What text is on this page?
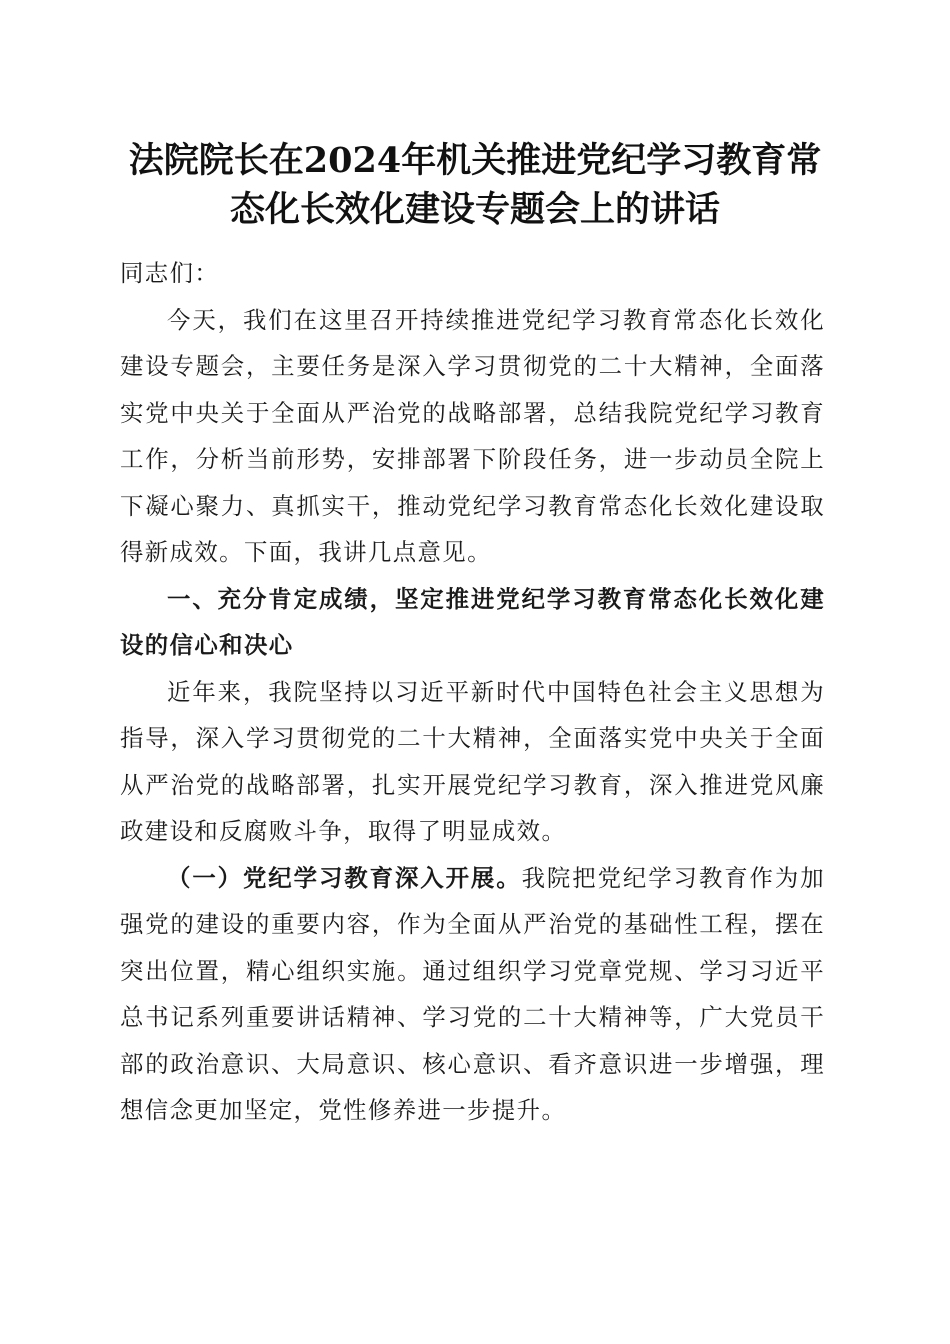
法院院长在2024年机关推进党纪学习教育常
态化长效化建设专题会上的讲话

同志们：

今天，我们在这里召开持续推进党纪学习教育常态化长效化建设专题会，主要任务是深入学习贯彻党的二十大精神，全面落实党中央关于全面从严治党的战略部署，总结我院党纪学习教育工作，分析当前形势，安排部署下阶段任务，进一步动员全院上下凝心聚力、真抓实干，推动党纪学习教育常态化长效化建设取得新成效。下面，我讲几点意见。

一、充分肯定成绩，坚定推进党纪学习教育常态化长效化建设的信心和决心

近年来，我院坚持以习近平新时代中国特色社会主义思想为指导，深入学习贯彻党的二十大精神，全面落实党中央关于全面从严治党的战略部署，扎实开展党纪学习教育，深入推进党风廉政建设和反腐败斗争，取得了明显成效。

（一）党纪学习教育深入开展。我院把党纪学习教育作为加强党的建设的重要内容，作为全面从严治党的基础性工程，摆在突出位置，精心组织实施。通过组织学习党章党规、学习习近平总书记系列重要讲话精神、学习党的二十大精神等，广大党员干部的政治意识、大局意识、核心意识、看齐意识进一步增强，理想信念更加坚定，党性修养进一步提升。
